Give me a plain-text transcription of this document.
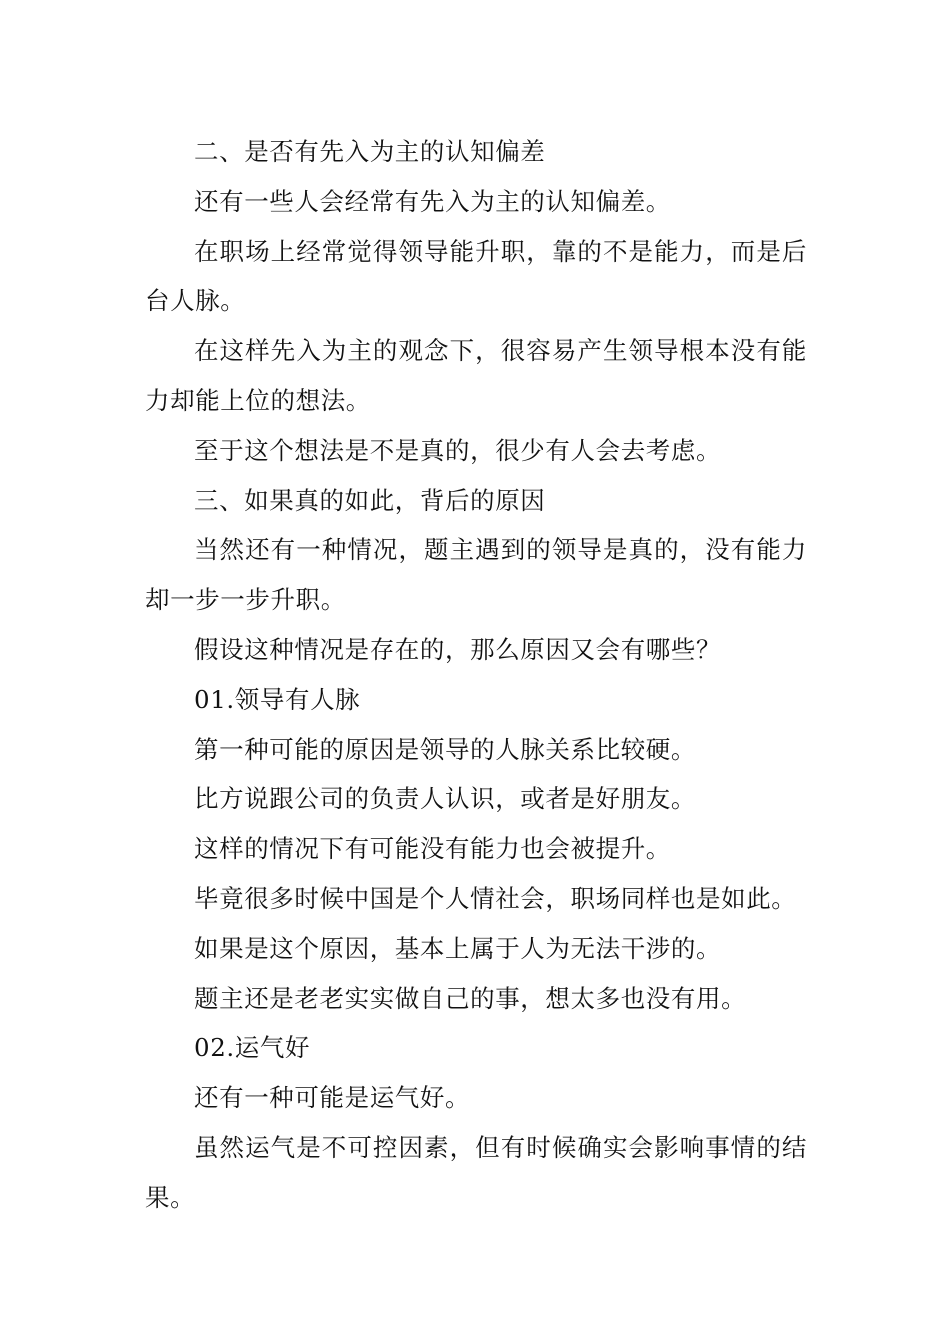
二、是否有先入为主的认知偏差

还有一些人会经常有先入为主的认知偏差。

在职场上经常觉得领导能升职，靠的不是能力，而是后台人脉。

在这样先入为主的观念下，很容易产生领导根本没有能力却能上位的想法。

至于这个想法是不是真的，很少有人会去考虑。

三、如果真的如此，背后的原因

当然还有一种情况，题主遇到的领导是真的，没有能力却一步一步升职。

假设这种情况是存在的，那么原因又会有哪些？

01.领导有人脉

第一种可能的原因是领导的人脉关系比较硬。

比方说跟公司的负责人认识，或者是好朋友。

这样的情况下有可能没有能力也会被提升。

毕竟很多时候中国是个人情社会，职场同样也是如此。

如果是这个原因，基本上属于人为无法干涉的。

题主还是老老实实做自己的事，想太多也没有用。

02.运气好

还有一种可能是运气好。

虽然运气是不可控因素，但有时候确实会影响事情的结果。
